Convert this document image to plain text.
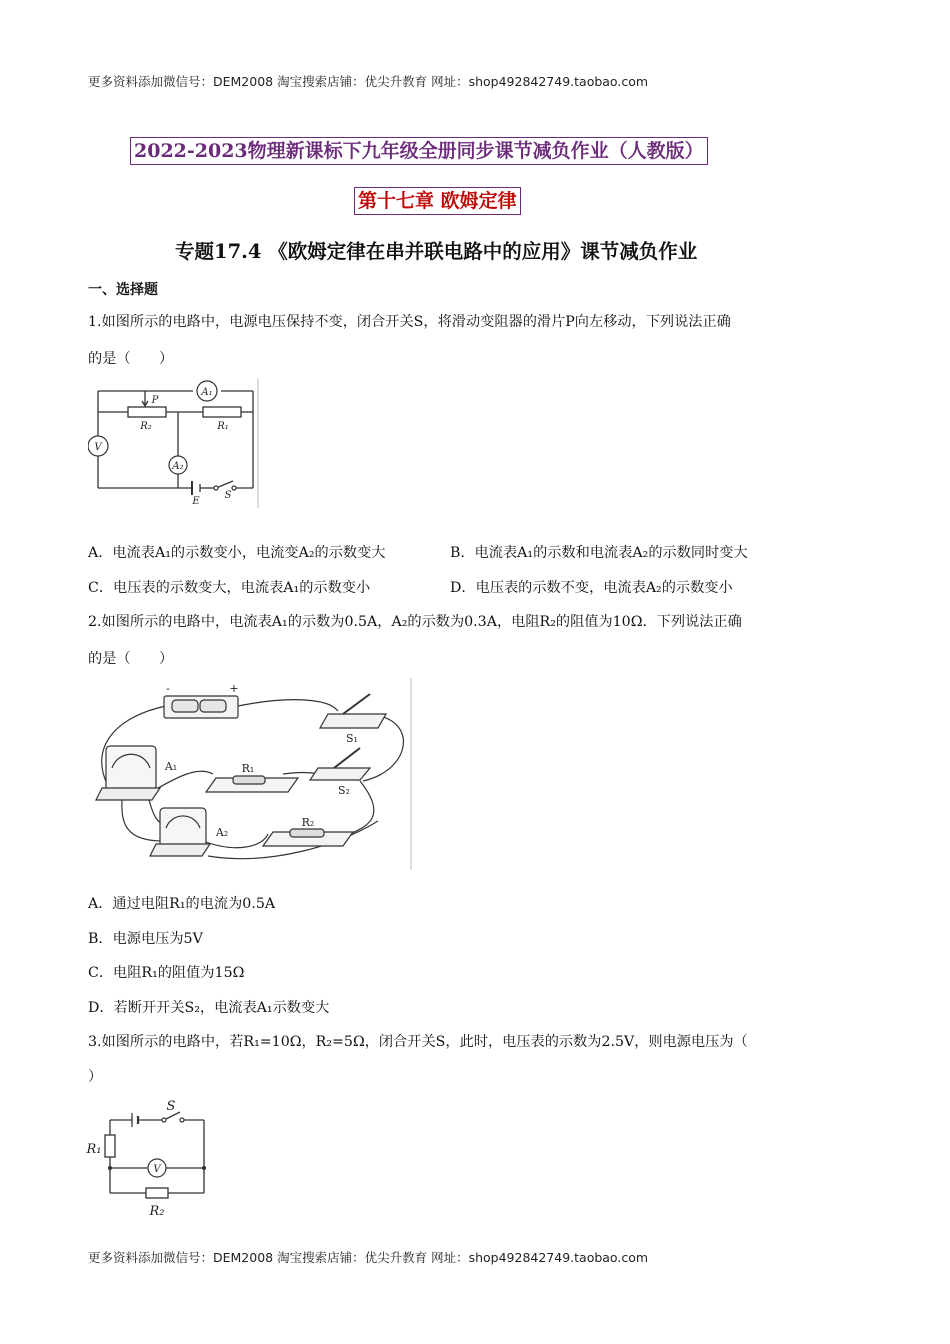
更多资料添加微信号：DEM2008 淘宝搜索店铺：优尖升教育 网址：shop492842749.taobao.com
2022-2023物理新课标下九年级全册同步课节减负作业（人教版）
第十七章 欧姆定律
专题17.4 《欧姆定律在串并联电路中的应用》课节减负作业
一、选择题
1.如图所示的电路中，电源电压保持不变，闭合开关S，将滑动变阻器的滑片P向左移动，下列说法正确
的是（　　）
A₁
V
A₂
P
R₂	R₁
E
S
A．电流表A₁的示数变小，电流变A₂的示数变大	B．电流表A₁的示数和电流表A₂的示数同时变大
C．电压表的示数变大，电流表A₁的示数变小	D．电压表的示数不变，电流表A₂的示数变小
2.如图所示的电路中，电流表A₁的示数为0.5A，A₂的示数为0.3A，电阻R₂的阻值为10Ω．下列说法正确
的是（　　）
-	+
S₁
S₂
A₁
A₂
R₁
R₂
A．通过电阻R₁的电流为0.5A
B．电源电压为5V
C．电阻R₁的阻值为15Ω
D．若断开开关S₂，电流表A₁示数变大
3.如图所示的电路中，若R₁=10Ω，R₂=5Ω，闭合开关S，此时，电压表的示数为2.5V，则电源电压为（
）
S
R₁
V
R₂
更多资料添加微信号：DEM2008 淘宝搜索店铺：优尖升教育 网址：shop492842749.taobao.com
